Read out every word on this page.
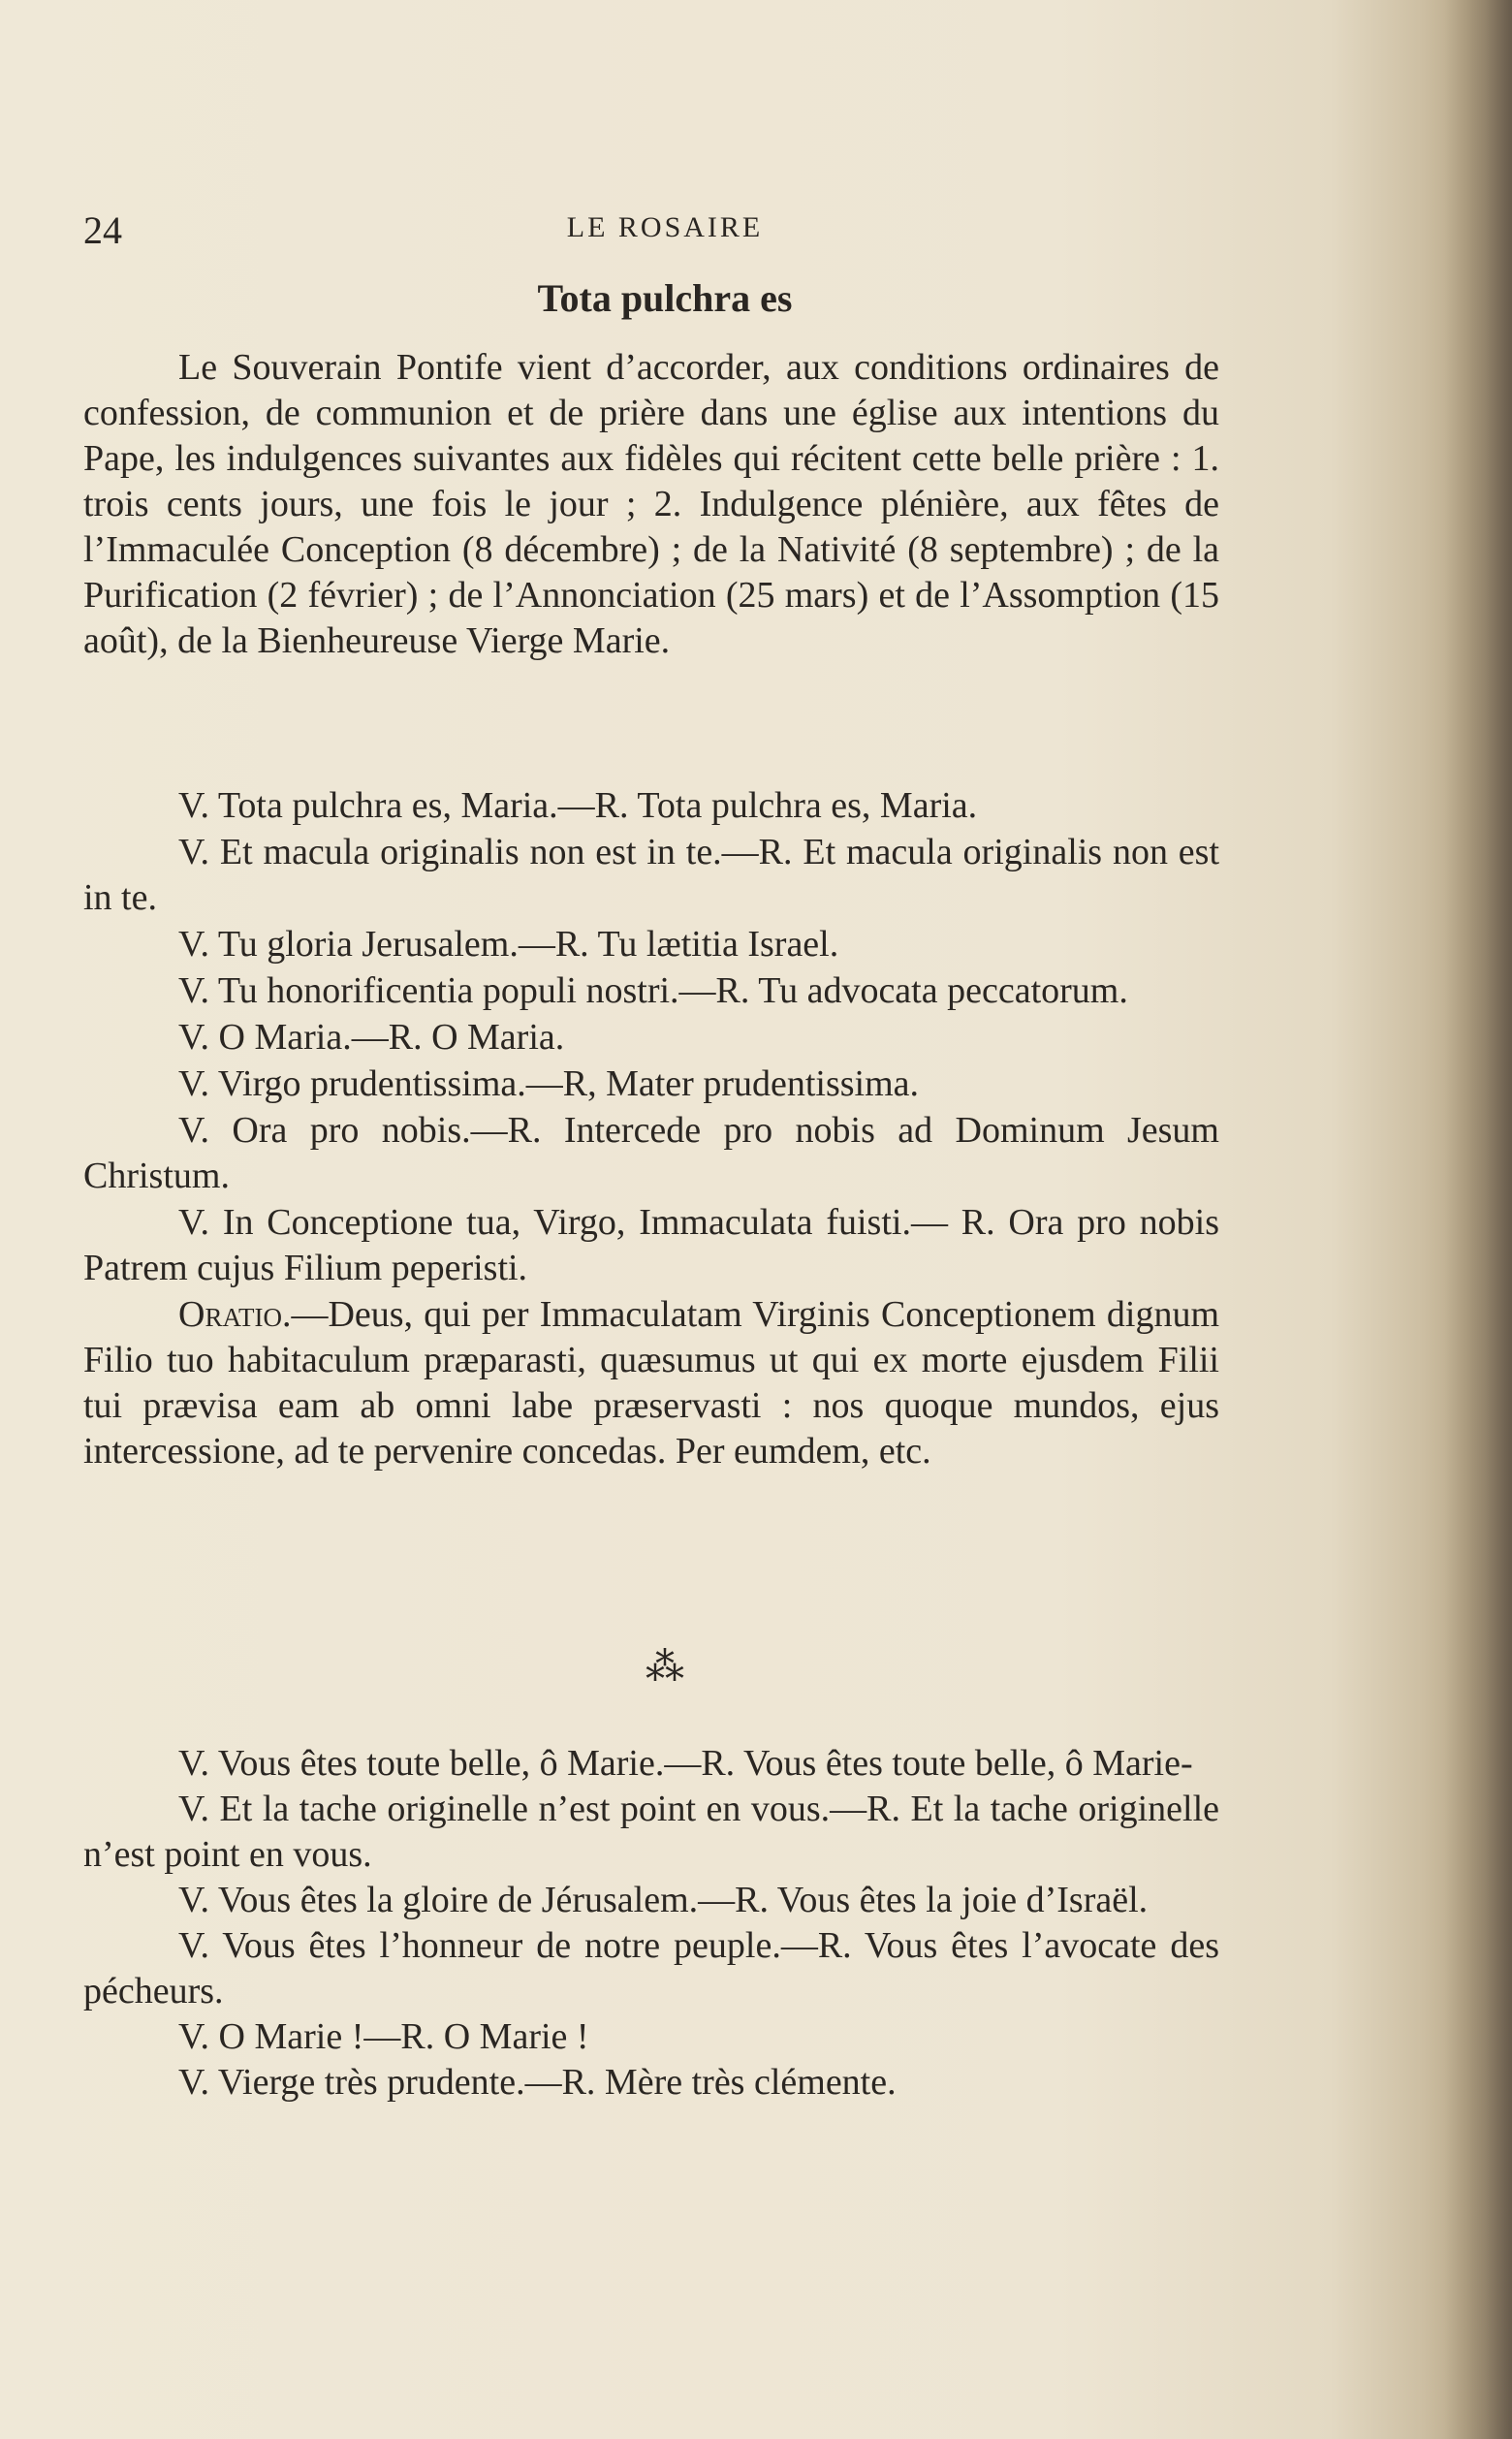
24	LE ROSAIRE
Tota pulchra es

Le Souverain Pontife vient d’accorder, aux conditions ordinaires de confession, de communion et de prière dans une église aux intentions du Pape, les indulgences suivantes aux fidèles qui récitent cette belle prière : 1. trois cents jours, une fois le jour ; 2. Indulgence plénière, aux fêtes de l’Immaculée Conception (8 décembre) ; de la Nativité (8 septembre) ; de la Purification (2 février) ; de l’Annonciation (25 mars) et de l’Assomption (15 août), de la Bienheureuse Vierge Marie.

V. Tota pulchra es, Maria.—R. Tota pulchra es, Maria.

V. Et macula originalis non est in te.—R. Et macula originalis non est in te.

V. Tu gloria Jerusalem.—R. Tu lætitia Israel.

V. Tu honorificentia populi nostri.—R. Tu advocata peccatorum.

V. O Maria.—R. O Maria.

V. Virgo prudentissima.—R, Mater prudentissima.

V. Ora pro nobis.—R. Intercede pro nobis ad Dominum Jesum Christum.

V. In Conceptione tua, Virgo, Immaculata fuisti.— R. Ora pro nobis Patrem cujus Filium peperisti.

Oratio.—Deus, qui per Immaculatam Virginis Conceptionem dignum Filio tuo habitaculum præparasti, quæsumus ut qui ex morte ejusdem Filii tui prævisa eam ab omni labe præservasti : nos quoque mundos, ejus intercessione, ad te pervenire concedas. Per eumdem, etc.

⁂

V. Vous êtes toute belle, ô Marie.—R. Vous êtes toute belle, ô Marie-

V. Et la tache originelle n’est point en vous.—R. Et la tache originelle n’est point en vous.

V. Vous êtes la gloire de Jérusalem.—R. Vous êtes la joie d’Israël.

V. Vous êtes l’honneur de notre peuple.—R. Vous êtes l’avocate des pécheurs.

V. O Marie !—R. O Marie !

V. Vierge très prudente.—R. Mère très clémente.
